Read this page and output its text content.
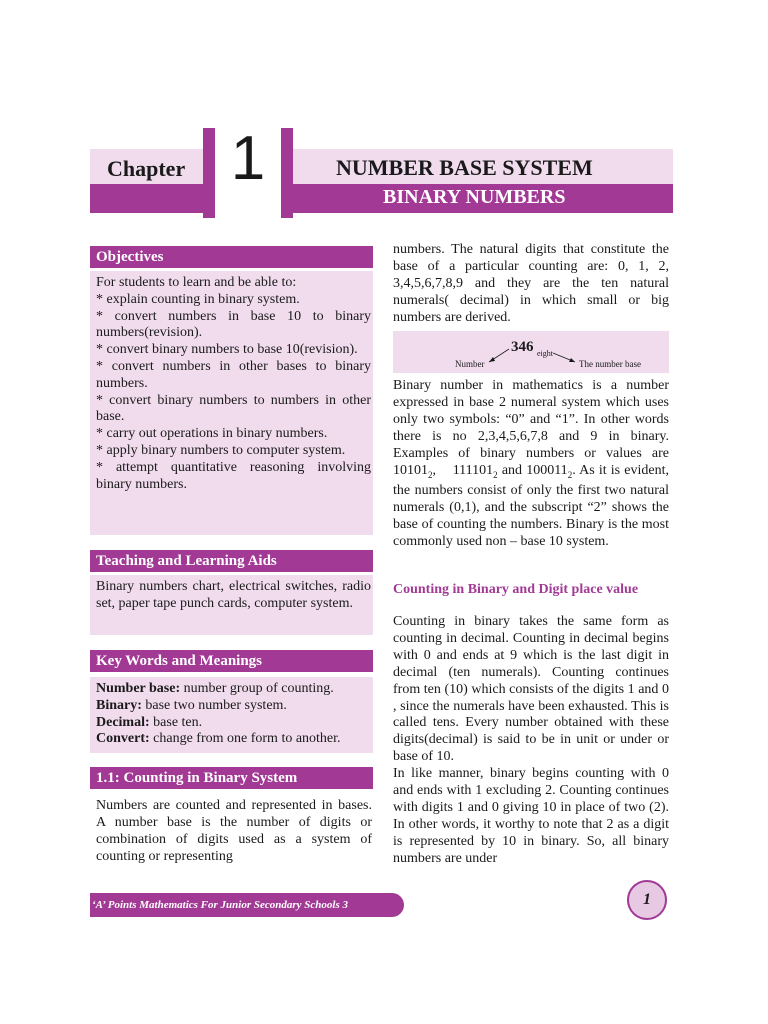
Chapter 1	NUMBER BASE SYSTEM
BINARY NUMBERS
Objectives

For students to learn and be able to:

* explain counting in binary system.

* convert numbers in base 10 to binary numbers(revision).

* convert binary numbers to base 10(revision).

* convert numbers in other bases to binary numbers.

* convert binary numbers to numbers in other base.

* carry out operations in binary numbers.

* apply binary numbers to computer system.

* attempt quantitative reasoning involving binary numbers.

Teaching and Learning Aids

Binary numbers chart, electrical switches, radio set, paper tape punch cards, computer system.

Key Words and Meanings

Number base: number group of counting.

Binary: base two number system.

Decimal: base ten.

Convert: change from one form to another.

1.1: Counting in Binary System
Numbers are counted and represented in bases. A number base is the number of digits or combination of digits used as a system of counting or representing
numbers. The natural digits that constitute the base of a particular counting are: 0, 1, 2, 3,4,5,6,7,8,9 and they are the ten natural numerals( decimal) in which small or big numbers are derived.
346 eight
Number	The number base
Binary number in mathematics is a number expressed in base 2 numeral system which uses only two symbols: “0” and “1”. In other words there is no 2,3,4,5,6,7,8 and 9 in binary. Examples of binary numbers or values are $10101_2$,    $111101_2$ and $100011_2$. As it is evident, the numbers consist of only the first two natural numerals (0,1), and the subscript “2” shows the base of counting the numbers. Binary is the most commonly used non – base 10 system.
Counting in Binary and Digit place value
Counting in binary takes the same form as counting in decimal. Counting in decimal begins with 0 and ends at 9 which is the last digit in decimal (ten numerals). Counting continues from ten (10) which consists of the digits 1 and 0 , since the numerals have been exhausted. This is called tens. Every number obtained with these digits(decimal) is said to be in unit or under or base of 10.
In like manner, binary begins counting with 0 and ends with 1 excluding 2. Counting continues with digits 1 and 0 giving 10 in place of two (2). In other words, it worthy to note that 2 as a digit is represented by 10 in binary. So, all binary numbers are under
‘A’ Points Mathematics For Junior Secondary Schools 3	1
